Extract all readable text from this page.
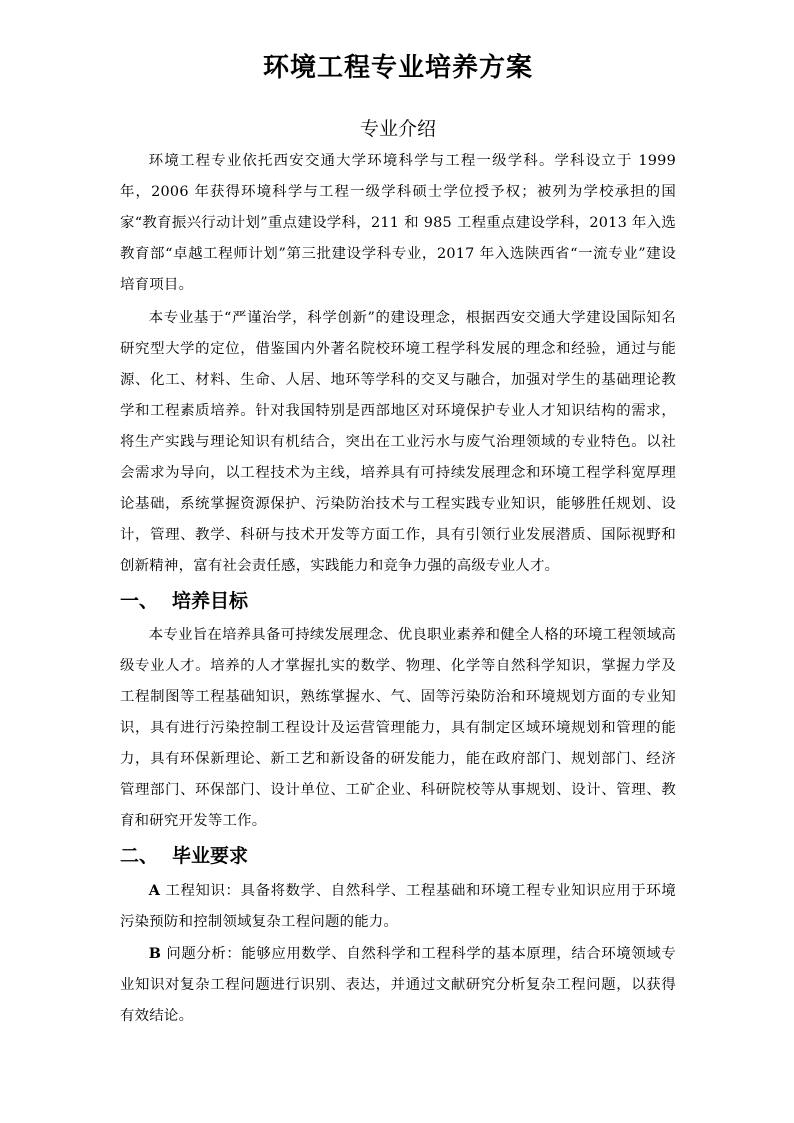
环境工程专业培养方案
专业介绍

环境工程专业依托西安交通大学环境科学与工程一级学科。学科设立于 1999 年，2006 年获得环境科学与工程一级学科硕士学位授予权；被列为学校承担的国家“教育振兴行动计划”重点建设学科，211 和 985 工程重点建设学科，2013 年入选教育部“卓越工程师计划”第三批建设学科专业，2017 年入选陕西省“一流专业”建设培育项目。

本专业基于“严谨治学，科学创新”的建设理念，根据西安交通大学建设国际知名研究型大学的定位，借鉴国内外著名院校环境工程学科发展的理念和经验，通过与能源、化工、材料、生命、人居、地环等学科的交叉与融合，加强对学生的基础理论教学和工程素质培养。针对我国特别是西部地区对环境保护专业人才知识结构的需求，将生产实践与理论知识有机结合，突出在工业污水与废气治理领域的专业特色。以社会需求为导向，以工程技术为主线，培养具有可持续发展理念和环境工程学科宽厚理论基础，系统掌握资源保护、污染防治技术与工程实践专业知识，能够胜任规划、设计，管理、教学、科研与技术开发等方面工作，具有引领行业发展潜质、国际视野和创新精神，富有社会责任感，实践能力和竞争力强的高级专业人才。

一、 培养目标

本专业旨在培养具备可持续发展理念、优良职业素养和健全人格的环境工程领域高级专业人才。培养的人才掌握扎实的数学、物理、化学等自然科学知识，掌握力学及工程制图等工程基础知识，熟练掌握水、气、固等污染防治和环境规划方面的专业知识，具有进行污染控制工程设计及运营管理能力，具有制定区域环境规划和管理的能力，具有环保新理论、新工艺和新设备的研发能力，能在政府部门、规划部门、经济管理部门、环保部门、设计单位、工矿企业、科研院校等从事规划、设计、管理、教育和研究开发等工作。

二、 毕业要求

A 工程知识：具备将数学、自然科学、工程基础和环境工程专业知识应用于环境污染预防和控制领域复杂工程问题的能力。

B 问题分析：能够应用数学、自然科学和工程科学的基本原理，结合环境领域专业知识对复杂工程问题进行识别、表达，并通过文献研究分析复杂工程问题，以获得有效结论。
